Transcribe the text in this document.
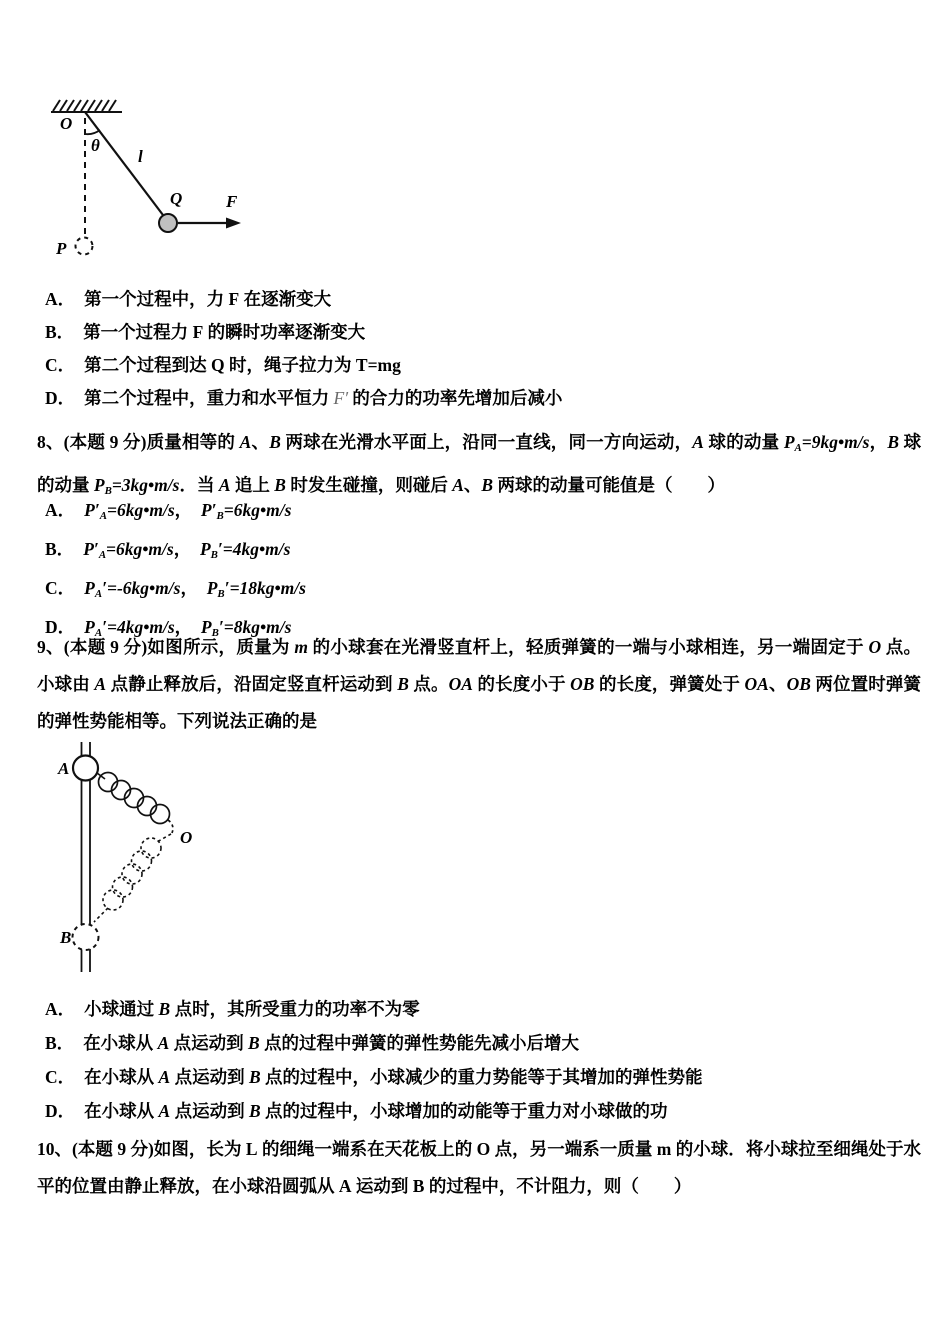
O
θ
l
Q	F
P
A． 第一个过程中，力 F 在逐渐变大
B． 第一个过程力 F 的瞬时功率逐渐变大
C． 第二个过程到达 Q 时，绳子拉力为 T=mg
D． 第二个过程中，重力和水平恒力 F′ 的合力的功率先增加后减小

8、(本题 9 分)质量相等的 A、B 两球在光滑水平面上，沿同一直线，同一方向运动，A 球的动量 PA=9kg•m/s，B 球的动量 PB=3kg•m/s．当 A 追上 B 时发生碰撞，则碰后 A、B 两球的动量可能值是（　　）

A． P′A=6kg•m/s，　P′B=6kg•m/s
B． P′A=6kg•m/s，　PB′=4kg•m/s
C． PA′=-6kg•m/s，　PB′=18kg•m/s
D． PA′=4kg•m/s，　PB′=8kg•m/s

9、(本题 9 分)如图所示，质量为 m 的小球套在光滑竖直杆上，轻质弹簧的一端与小球相连，另一端固定于 O 点。小球由 A 点静止释放后，沿固定竖直杆运动到 B 点。OA 的长度小于 OB 的长度，弹簧处于 OA、OB 两位置时弹簧的弹性势能相等。下列说法正确的是

A
O
B
A． 小球通过 B 点时，其所受重力的功率不为零
B． 在小球从 A 点运动到 B 点的过程中弹簧的弹性势能先减小后增大
C． 在小球从 A 点运动到 B 点的过程中，小球减少的重力势能等于其增加的弹性势能
D． 在小球从 A 点运动到 B 点的过程中，小球增加的动能等于重力对小球做的功

10、(本题 9 分)如图，长为 L 的细绳一端系在天花板上的 O 点，另一端系一质量 m 的小球．将小球拉至细绳处于水平的位置由静止释放，在小球沿圆弧从 A 运动到 B 的过程中，不计阻力，则（　　）
